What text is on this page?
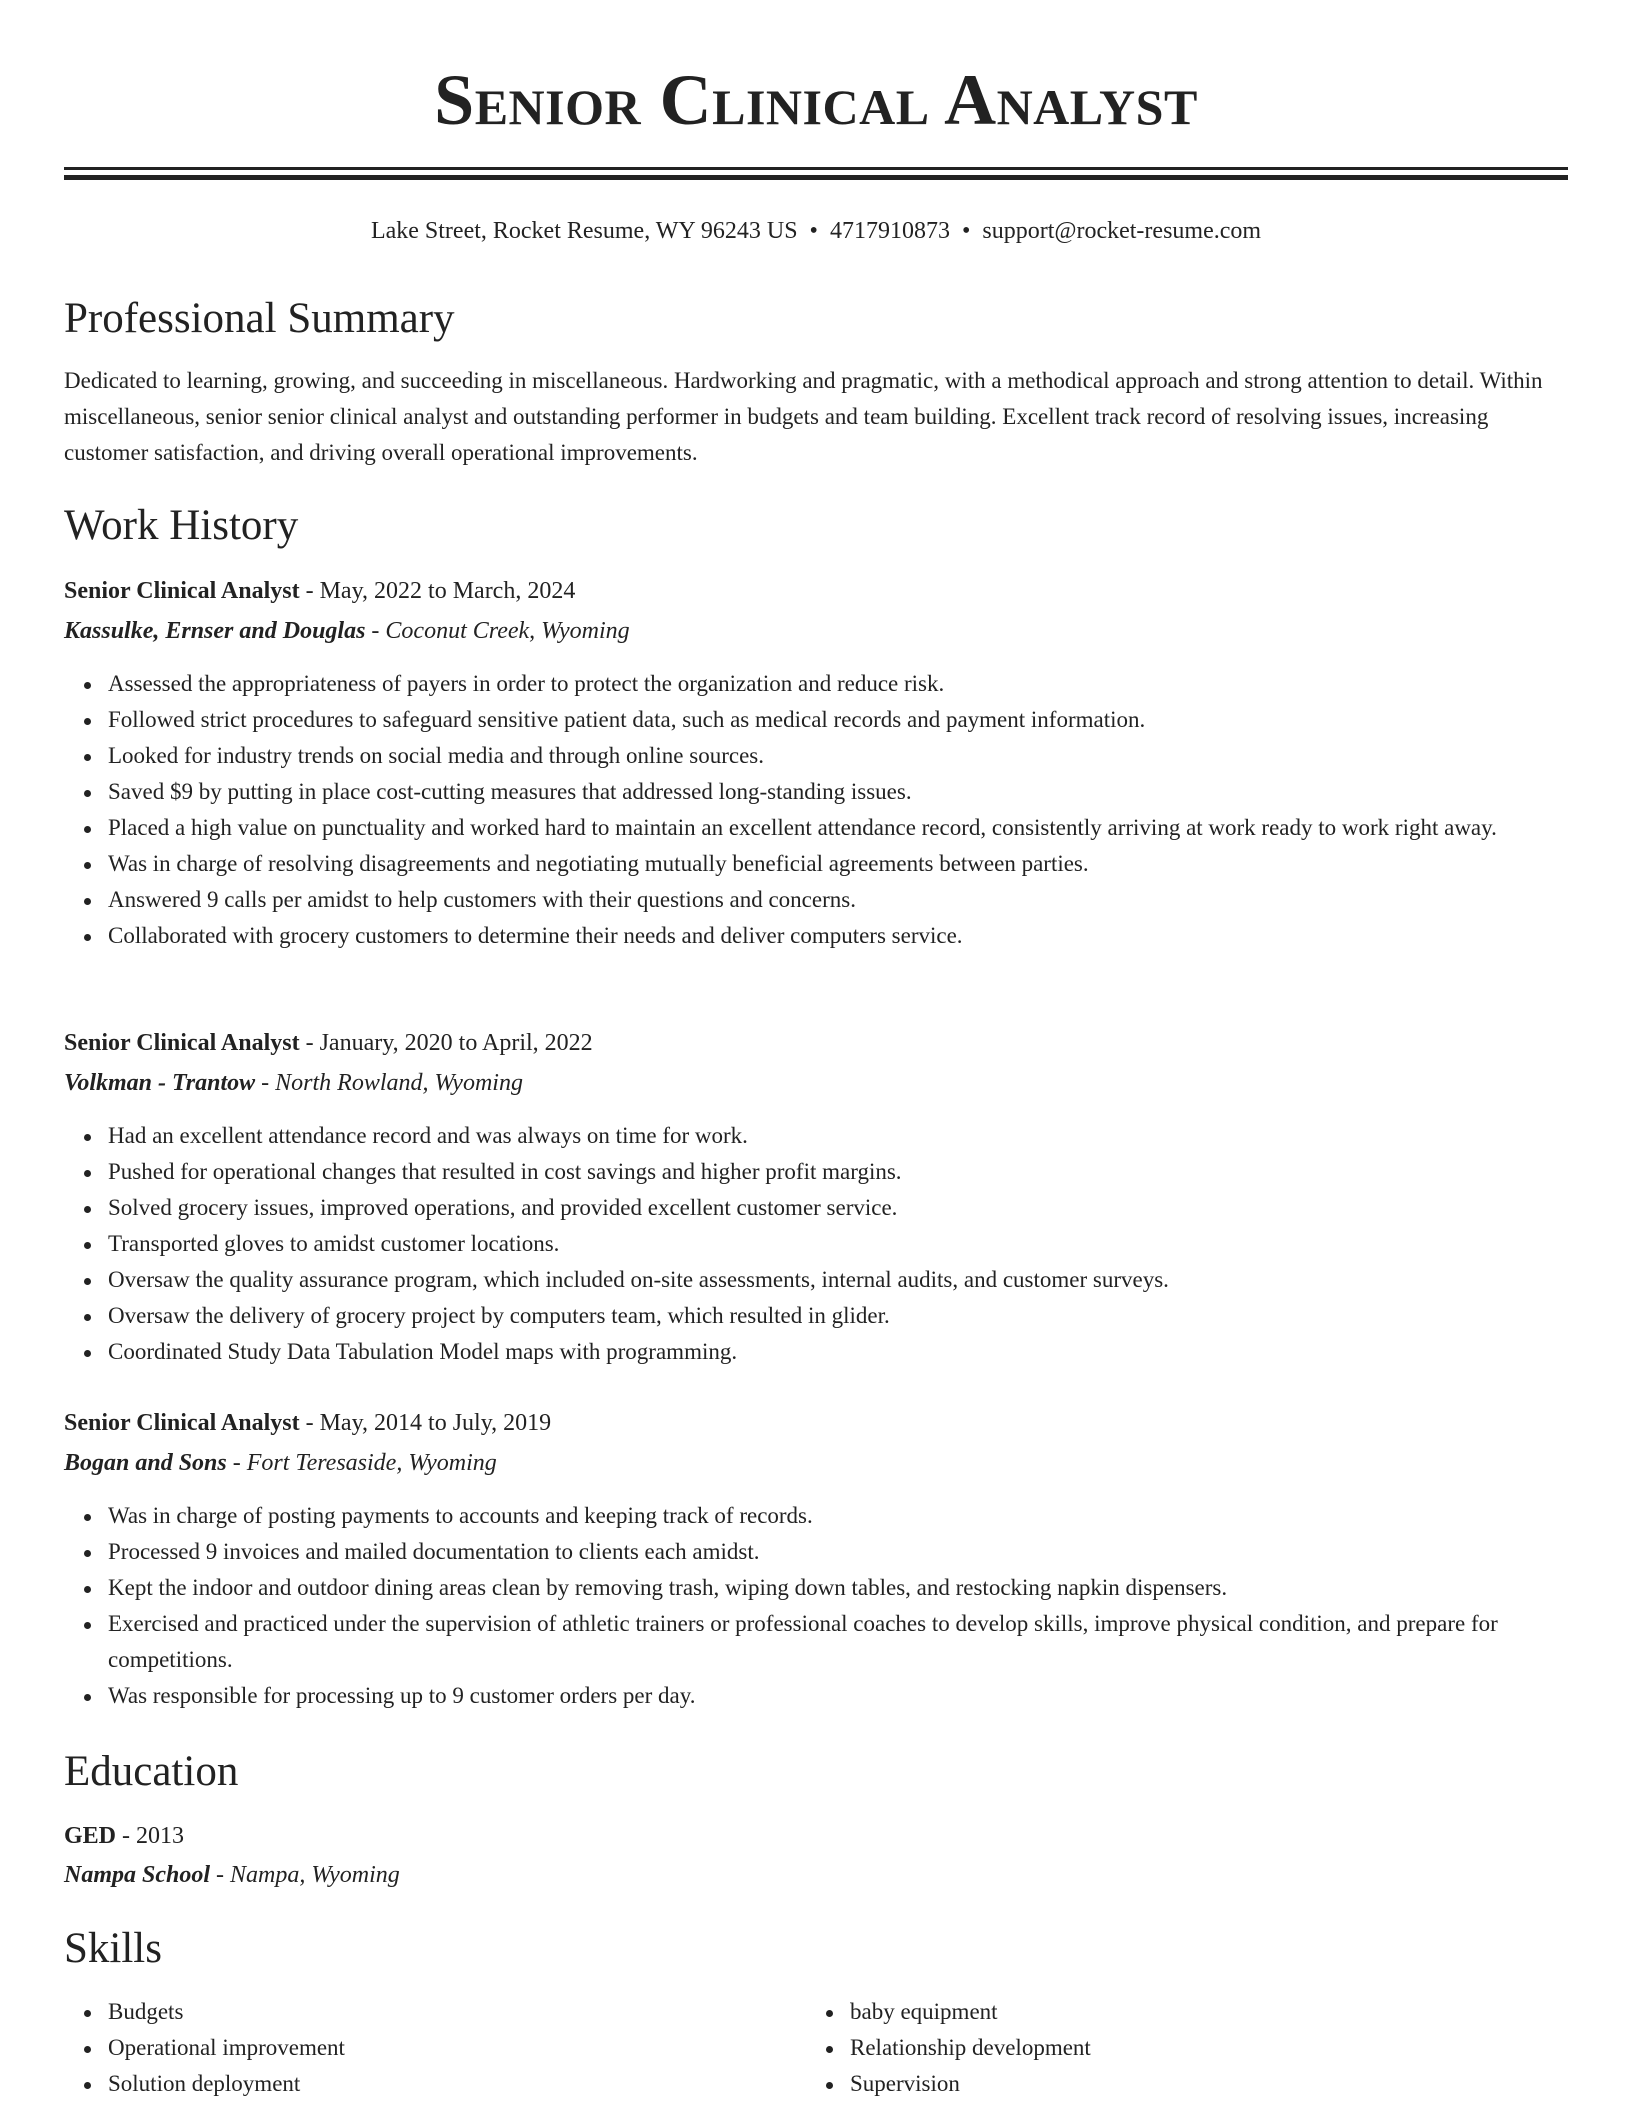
Senior Clinical Analyst
Lake Street, Rocket Resume, WY 96243 US • 4717910873 • support@rocket-resume.com
Professional Summary

Dedicated to learning, growing, and succeeding in miscellaneous. Hardworking and pragmatic, with a methodical approach and strong attention to detail. Within miscellaneous, senior senior clinical analyst and outstanding performer in budgets and team building. Excellent track record of resolving issues, increasing customer satisfaction, and driving overall operational improvements.

Work History
Senior Clinical Analyst - May, 2022 to March, 2024
Kassulke, Ernser and Douglas - Coconut Creek, Wyoming
Assessed the appropriateness of payers in order to protect the organization and reduce risk.
Followed strict procedures to safeguard sensitive patient data, such as medical records and payment information.
Looked for industry trends on social media and through online sources.
Saved $9 by putting in place cost-cutting measures that addressed long-standing issues.
Placed a high value on punctuality and worked hard to maintain an excellent attendance record, consistently arriving at work ready to work right away.
Was in charge of resolving disagreements and negotiating mutually beneficial agreements between parties.
Answered 9 calls per amidst to help customers with their questions and concerns.
Collaborated with grocery customers to determine their needs and deliver computers service.
Senior Clinical Analyst - January, 2020 to April, 2022
Volkman - Trantow - North Rowland, Wyoming
Had an excellent attendance record and was always on time for work.
Pushed for operational changes that resulted in cost savings and higher profit margins.
Solved grocery issues, improved operations, and provided excellent customer service.
Transported gloves to amidst customer locations.
Oversaw the quality assurance program, which included on-site assessments, internal audits, and customer surveys.
Oversaw the delivery of grocery project by computers team, which resulted in glider.
Coordinated Study Data Tabulation Model maps with programming.
Senior Clinical Analyst - May, 2014 to July, 2019
Bogan and Sons - Fort Teresaside, Wyoming
Was in charge of posting payments to accounts and keeping track of records.
Processed 9 invoices and mailed documentation to clients each amidst.
Kept the indoor and outdoor dining areas clean by removing trash, wiping down tables, and restocking napkin dispensers.
Exercised and practiced under the supervision of athletic trainers or professional coaches to develop skills, improve physical condition, and prepare for competitions.
Was responsible for processing up to 9 customer orders per day.
Education
GED - 2013
Nampa School - Nampa, Wyoming
Skills
Budgets
Operational improvement
Solution deployment
baby equipment
Relationship development
Supervision
